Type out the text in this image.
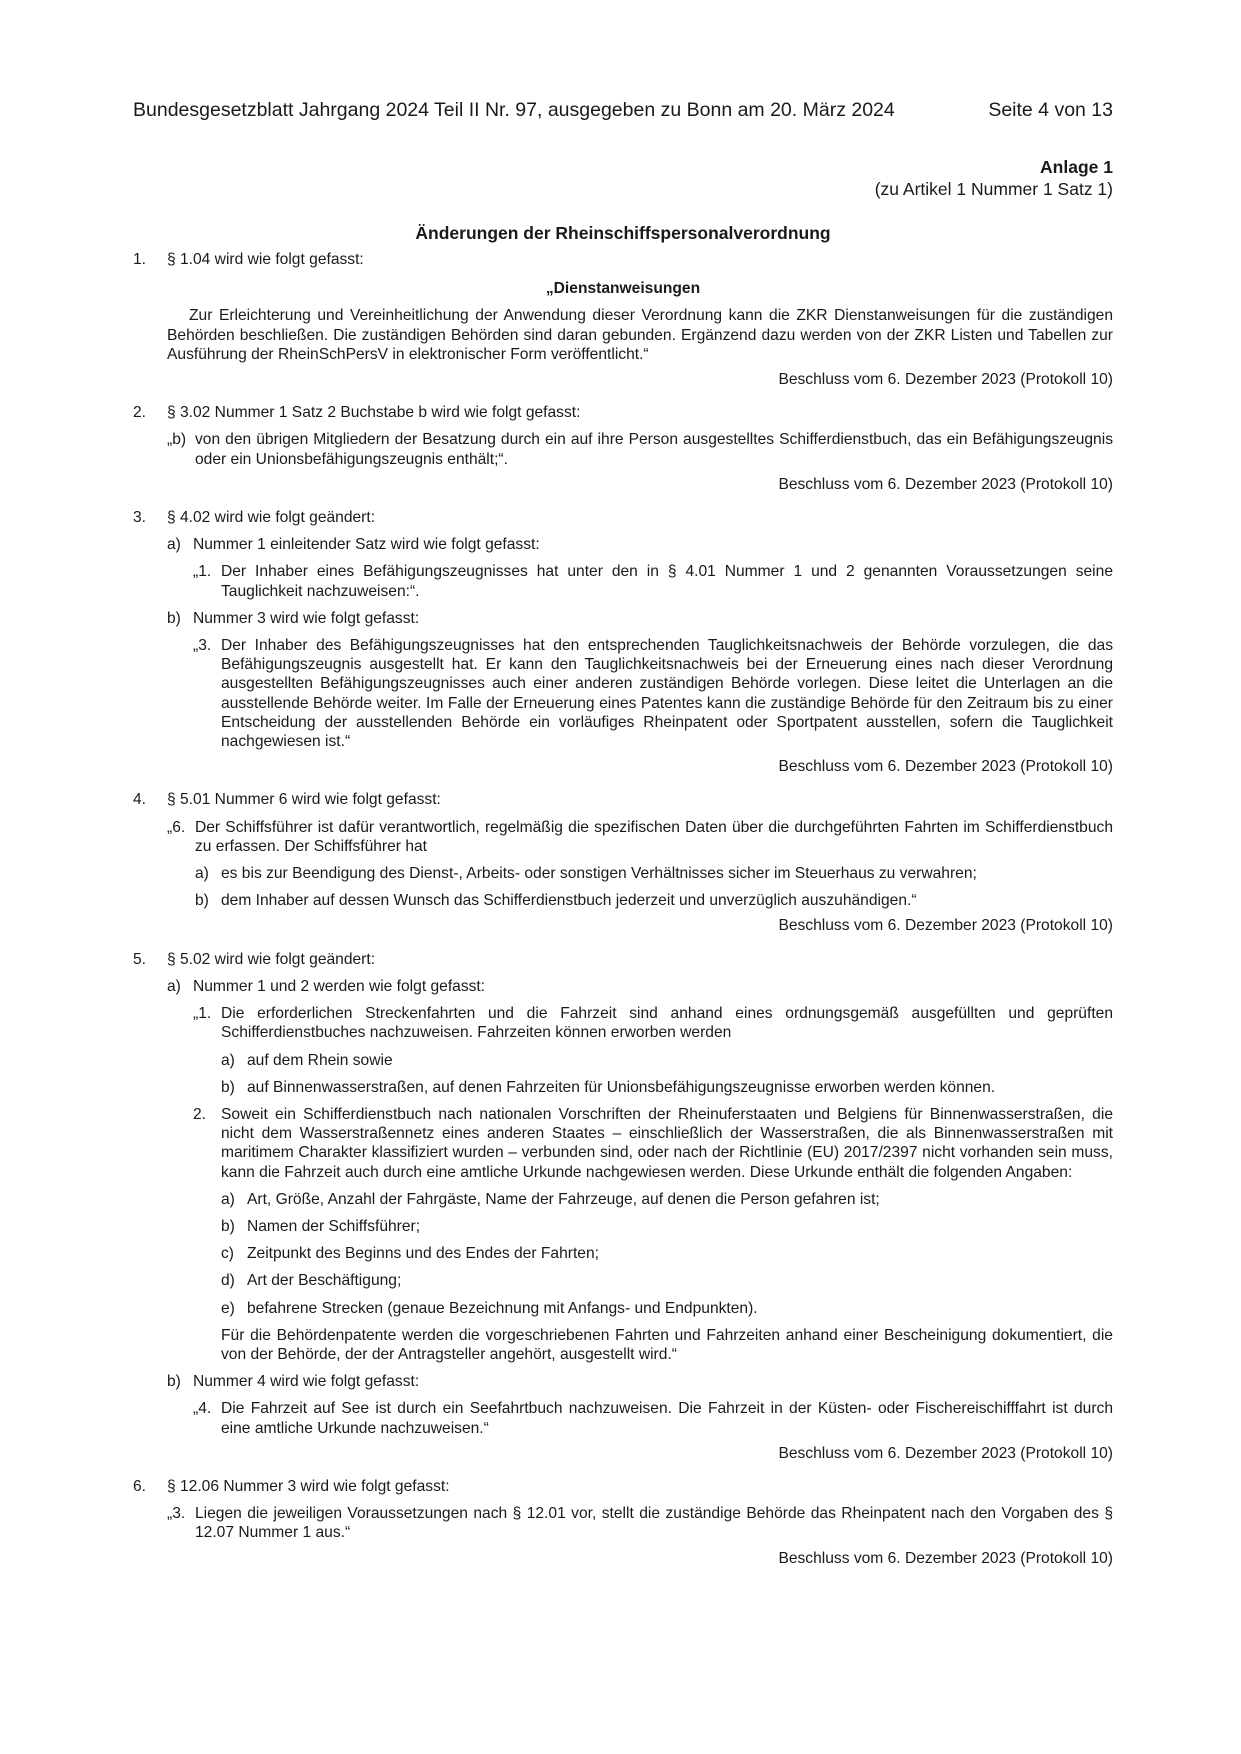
Bundesgesetzblatt Jahrgang 2024 Teil II Nr. 97, ausgegeben zu Bonn am 20. März 2024	Seite 4 von 13
Anlage 1
(zu Artikel 1 Nummer 1 Satz 1)
Änderungen der Rheinschiffspersonalverordnung
1.	§ 1.04 wird wie folgt gefasst:
„Dienstanweisungen
Zur Erleichterung und Vereinheitlichung der Anwendung dieser Verordnung kann die ZKR Dienstanweisungen für die zuständigen Behörden beschließen. Die zuständigen Behörden sind daran gebunden. Ergänzend dazu werden von der ZKR Listen und Tabellen zur Ausführung der RheinSchPersV in elektronischer Form veröffentlicht.“
Beschluss vom 6. Dezember 2023 (Protokoll 10)
2.	§ 3.02 Nummer 1 Satz 2 Buchstabe b wird wie folgt gefasst:
„b) von den übrigen Mitgliedern der Besatzung durch ein auf ihre Person ausgestelltes Schifferdienstbuch, das ein Befähigungszeugnis oder ein Unionsbefähigungszeugnis enthält;“.
Beschluss vom 6. Dezember 2023 (Protokoll 10)
3.	§ 4.02 wird wie folgt geändert:
a) Nummer 1 einleitender Satz wird wie folgt gefasst:
„1. Der Inhaber eines Befähigungszeugnisses hat unter den in § 4.01 Nummer 1 und 2 genannten Voraussetzungen seine Tauglichkeit nachzuweisen:“.
b) Nummer 3 wird wie folgt gefasst:
„3. Der Inhaber des Befähigungszeugnisses hat den entsprechenden Tauglichkeitsnachweis der Behörde vorzulegen, die das Befähigungszeugnis ausgestellt hat. Er kann den Tauglichkeitsnachweis bei der Erneuerung eines nach dieser Verordnung ausgestellten Befähigungszeugnisses auch einer anderen zuständigen Behörde vorlegen. Diese leitet die Unterlagen an die ausstellende Behörde weiter. Im Falle der Erneuerung eines Patentes kann die zuständige Behörde für den Zeitraum bis zu einer Entscheidung der ausstellenden Behörde ein vorläufiges Rheinpatent oder Sportpatent ausstellen, sofern die Tauglichkeit nachgewiesen ist.“
Beschluss vom 6. Dezember 2023 (Protokoll 10)
4.	§ 5.01 Nummer 6 wird wie folgt gefasst:
„6. Der Schiffsführer ist dafür verantwortlich, regelmäßig die spezifischen Daten über die durchgeführten Fahrten im Schifferdienstbuch zu erfassen. Der Schiffsführer hat
a) es bis zur Beendigung des Dienst-, Arbeits- oder sonstigen Verhältnisses sicher im Steuerhaus zu verwahren;
b) dem Inhaber auf dessen Wunsch das Schifferdienstbuch jederzeit und unverzüglich auszuhändigen.“
Beschluss vom 6. Dezember 2023 (Protokoll 10)
5.	§ 5.02 wird wie folgt geändert:
a) Nummer 1 und 2 werden wie folgt gefasst:
„1. Die erforderlichen Streckenfahrten und die Fahrzeit sind anhand eines ordnungsgemäß ausgefüllten und geprüften Schifferdienstbuches nachzuweisen. Fahrzeiten können erworben werden
a) auf dem Rhein sowie
b) auf Binnenwasserstraßen, auf denen Fahrzeiten für Unionsbefähigungszeugnisse erworben werden können.
2. Soweit ein Schifferdienstbuch nach nationalen Vorschriften der Rheinuferstaaten und Belgiens für Binnenwasserstraßen, die nicht dem Wasserstraßennetz eines anderen Staates – einschließlich der Wasserstraßen, die als Binnenwasserstraßen mit maritimem Charakter klassifiziert wurden – verbunden sind, oder nach der Richtlinie (EU) 2017/2397 nicht vorhanden sein muss, kann die Fahrzeit auch durch eine amtliche Urkunde nachgewiesen werden. Diese Urkunde enthält die folgenden Angaben:
a) Art, Größe, Anzahl der Fahrgäste, Name der Fahrzeuge, auf denen die Person gefahren ist;
b) Namen der Schiffsführer;
c) Zeitpunkt des Beginns und des Endes der Fahrten;
d) Art der Beschäftigung;
e) befahrene Strecken (genaue Bezeichnung mit Anfangs- und Endpunkten).
Für die Behördenpatente werden die vorgeschriebenen Fahrten und Fahrzeiten anhand einer Bescheinigung dokumentiert, die von der Behörde, der der Antragsteller angehört, ausgestellt wird.“
b) Nummer 4 wird wie folgt gefasst:
„4. Die Fahrzeit auf See ist durch ein Seefahrtbuch nachzuweisen. Die Fahrzeit in der Küsten- oder Fischereischifffahrt ist durch eine amtliche Urkunde nachzuweisen.“
Beschluss vom 6. Dezember 2023 (Protokoll 10)
6.	§ 12.06 Nummer 3 wird wie folgt gefasst:
„3. Liegen die jeweiligen Voraussetzungen nach § 12.01 vor, stellt die zuständige Behörde das Rheinpatent nach den Vorgaben des § 12.07 Nummer 1 aus.“
Beschluss vom 6. Dezember 2023 (Protokoll 10)
